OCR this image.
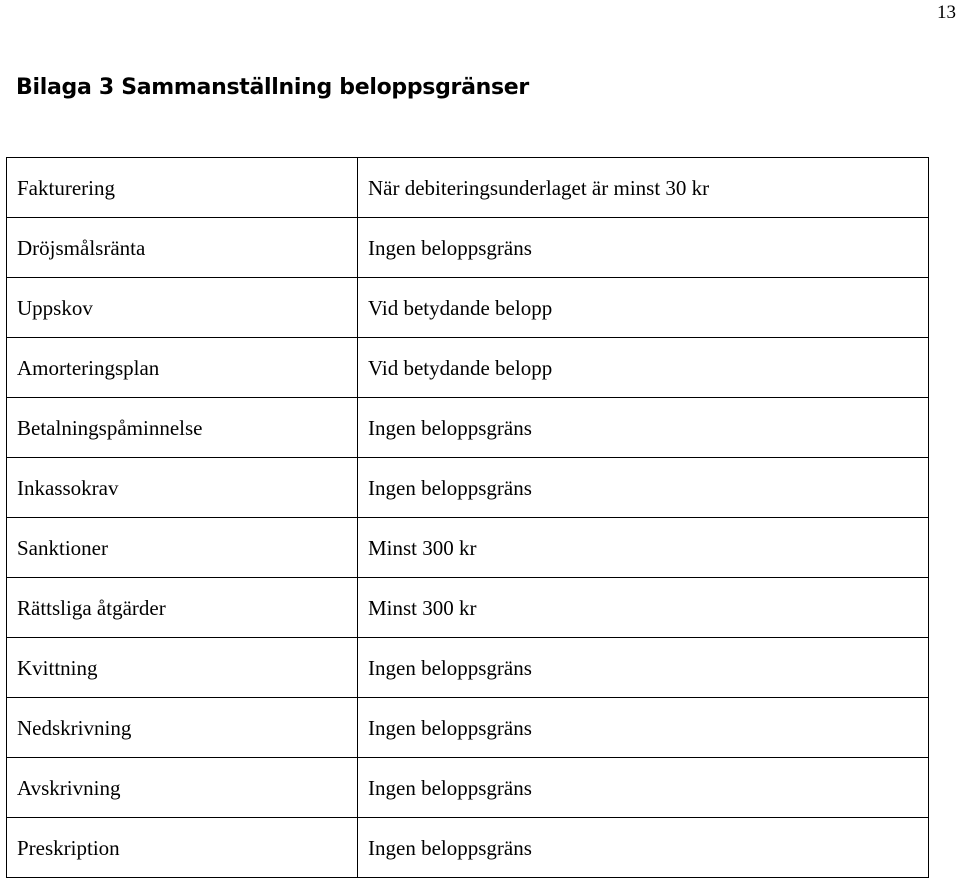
13
Bilaga 3 Sammanställning beloppsgränser
Fakturering	När debiteringsunderlaget är minst 30 kr
Dröjsmålsränta	Ingen beloppsgräns
Uppskov	Vid betydande belopp
Amorteringsplan	Vid betydande belopp
Betalningspåminnelse	Ingen beloppsgräns
Inkassokrav	Ingen beloppsgräns
Sanktioner	Minst 300 kr
Rättsliga åtgärder	Minst 300 kr
Kvittning	Ingen beloppsgräns
Nedskrivning	Ingen beloppsgräns
Avskrivning	Ingen beloppsgräns
Preskription	Ingen beloppsgräns
